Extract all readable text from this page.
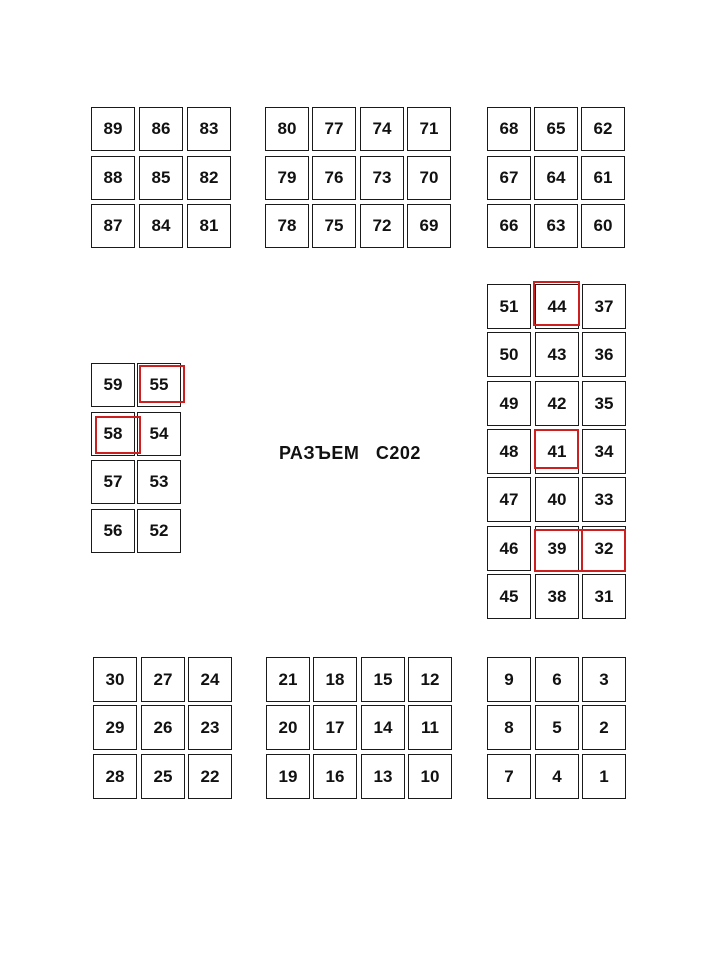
РАЗЪЕМ   С202
89	86	83
88	85	82
87	84	81
80	77	74	71
79	76	73	70
78	75	72	69
68	65	62
67	64	61
66	63	60
59	55
58	54
57	53
56	52
51	44	37
50	43	36
49	42	35
48	41	34
47	40	33
46	39	32
45	38	31
30	27	24
29	26	23
28	25	22
21	18	15	12
20	17	14	11
19	16	13	10
9	6	3
8	5	2
7	4	1
